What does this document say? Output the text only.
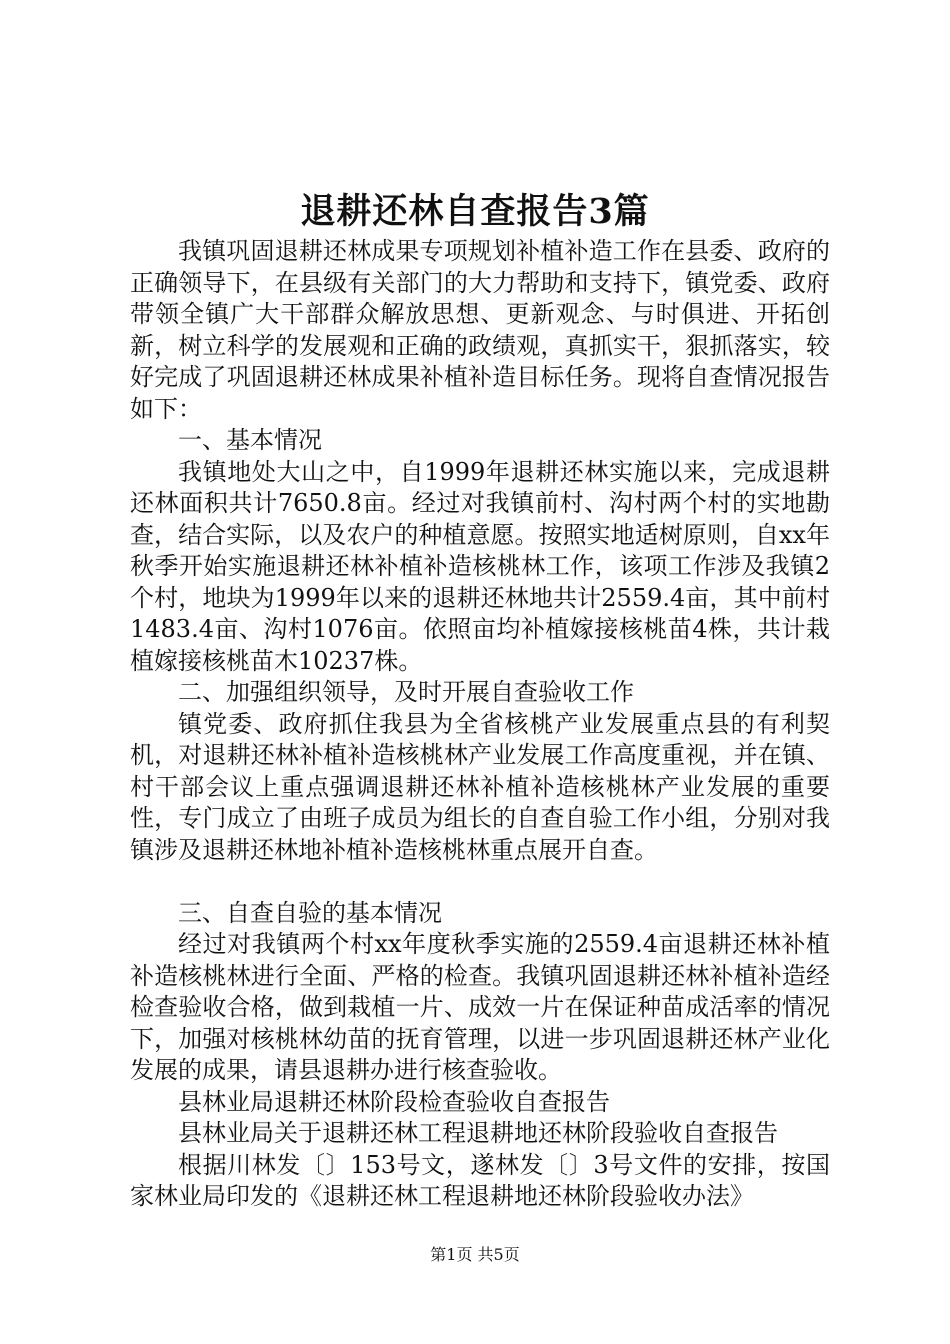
退耕还林自查报告3篇

我镇巩固退耕还林成果专项规划补植补造工作在县委、政府的正确领导下，在县级有关部门的大力帮助和支持下，镇党委、政府带领全镇广大干部群众解放思想、更新观念、与时俱进、开拓创新，树立科学的发展观和正确的政绩观，真抓实干，狠抓落实，较好完成了巩固退耕还林成果补植补造目标任务。现将自查情况报告如下：

一、基本情况

我镇地处大山之中，自1999年退耕还林实施以来，完成退耕还林面积共计7650.8亩。经过对我镇前村、沟村两个村的实地勘查，结合实际，以及农户的种植意愿。按照实地适树原则，自xx年秋季开始实施退耕还林补植补造核桃林工作，该项工作涉及我镇2个村，地块为1999年以来的退耕还林地共计2559.4亩，其中前村1483.4亩、沟村1076亩。依照亩均补植嫁接核桃苗4株，共计栽植嫁接核桃苗木10237株。

二、加强组织领导，及时开展自查验收工作

镇党委、政府抓住我县为全省核桃产业发展重点县的有利契机，对退耕还林补植补造核桃林产业发展工作高度重视，并在镇、村干部会议上重点强调退耕还林补植补造核桃林产业发展的重要性，专门成立了由班子成员为组长的自查自验工作小组，分别对我镇涉及退耕还林地补植补造核桃林重点展开自查。

三、自查自验的基本情况

经过对我镇两个村xx年度秋季实施的2559.4亩退耕还林补植补造核桃林进行全面、严格的检查。我镇巩固退耕还林补植补造经检查验收合格，做到栽植一片、成效一片在保证种苗成活率的情况下，加强对核桃林幼苗的抚育管理，以进一步巩固退耕还林产业化发展的成果，请县退耕办进行核查验收。

县林业局退耕还林阶段检查验收自查报告

县林业局关于退耕还林工程退耕地还林阶段验收自查报告

根据川林发〔〕153号文，遂林发〔〕3号文件的安排，按国家林业局印发的《退耕还林工程退耕地还林阶段验收办法》

第1页 共5页
